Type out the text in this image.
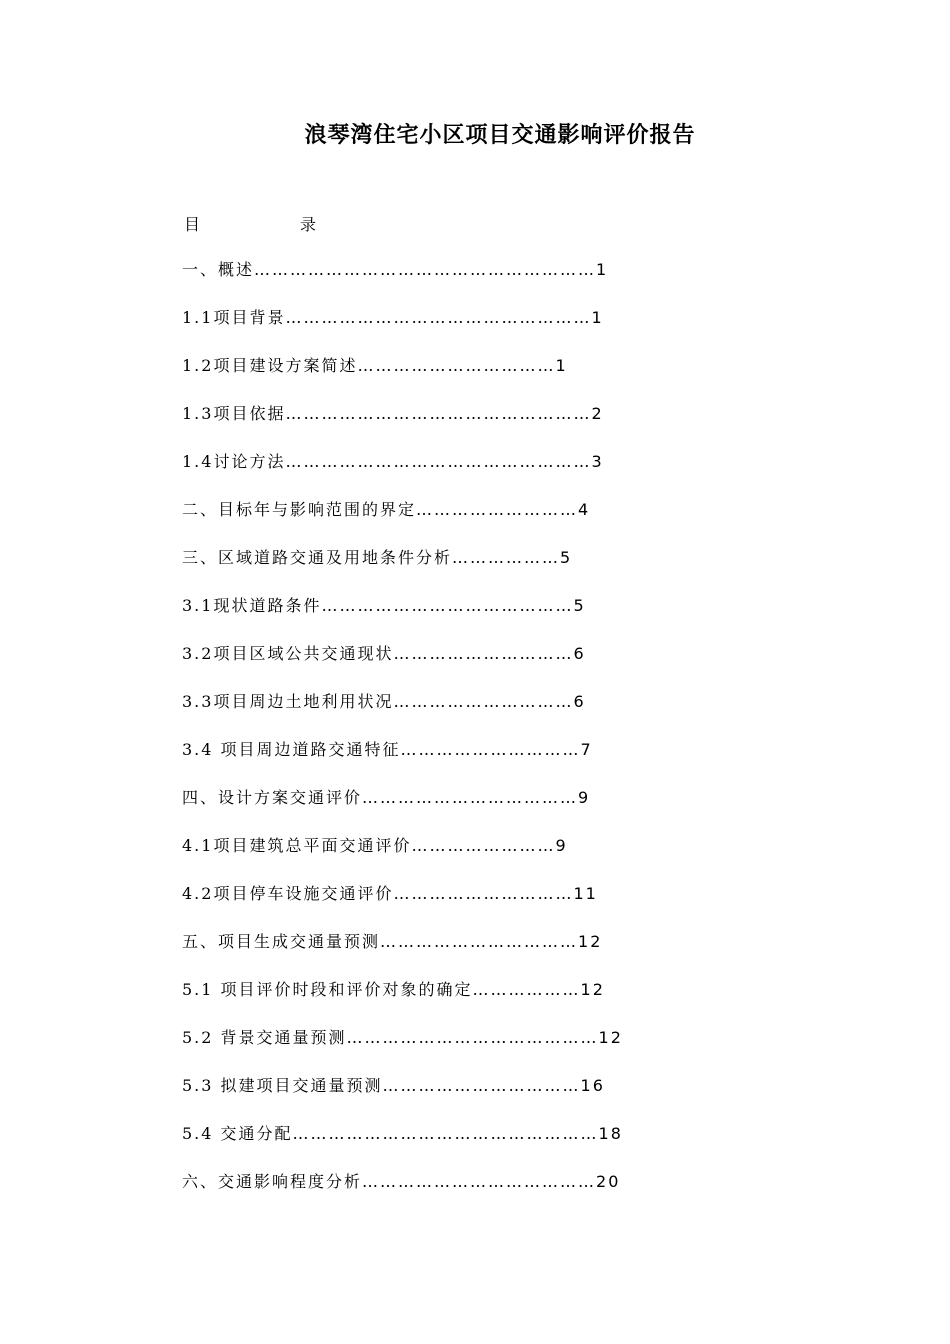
浪琴湾住宅小区项目交通影响评价报告
目	录
一、概述…………………………………………………1
1.1项目背景……………………………………………1
1.2项目建设方案简述……………………………1
1.3项目依据……………………………………………2
1.4讨论方法……………………………………………3
二、目标年与影响范围的界定………………………4
三、区域道路交通及用地条件分析………………5
3.1现状道路条件……………………………………5
3.2项目区域公共交通现状…………………………6
3.3项目周边土地利用状况…………………………6
3.4 项目周边道路交通特征…………………………7
四、设计方案交通评价………………………………9
4.1项目建筑总平面交通评价……………………9
4.2项目停车设施交通评价…………………………11
五、项目生成交通量预测……………………………12
5.1 项目评价时段和评价对象的确定………………12
5.2 背景交通量预测……………………………………12
5.3 拟建项目交通量预测……………………………16
5.4 交通分配……………………………………………18
六、交通影响程度分析…………………………………20
